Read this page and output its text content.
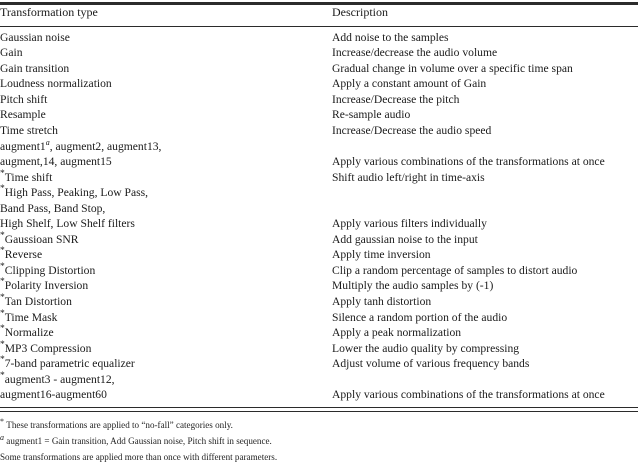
Transformation type	Description
Gaussian noise	Add noise to the samples
Gain	Increase/decrease the audio volume
Gain transition	Gradual change in volume over a specific time span
Loudness normalization	Apply a constant amount of Gain
Pitch shift	Increase/Decrease the pitch
Resample	Re-sample audio
Time stretch	Increase/Decrease the audio speed
augment1$^a$, augment2, augment13,	
augment,14, augment15	Apply various combinations of the transformations at once
*Time shift	Shift audio left/right in time-axis
*High Pass, Peaking, Low Pass,	
Band Pass, Band Stop,	
High Shelf, Low Shelf filters	Apply various filters individually
*Gaussioan SNR	Add gaussian noise to the input
*Reverse	Apply time inversion
*Clipping Distortion	Clip a random percentage of samples to distort audio
*Polarity Inversion	Multiply the audio samples by (-1)
*Tan Distortion	Apply tanh distortion
*Time Mask	Silence a random portion of the audio
*Normalize	Apply a peak normalization
*MP3 Compression	Lower the audio quality by compressing
*7-band parametric equalizer	Adjust volume of various frequency bands
*augment3 - augment12,	
augment16-augment60	Apply various combinations of the transformations at once
* These transformations are applied to “no-fall” categories only.
a augment1 = Gain transition, Add Gaussian noise, Pitch shift in sequence.
Some transformations are applied more than once with different parameters.
